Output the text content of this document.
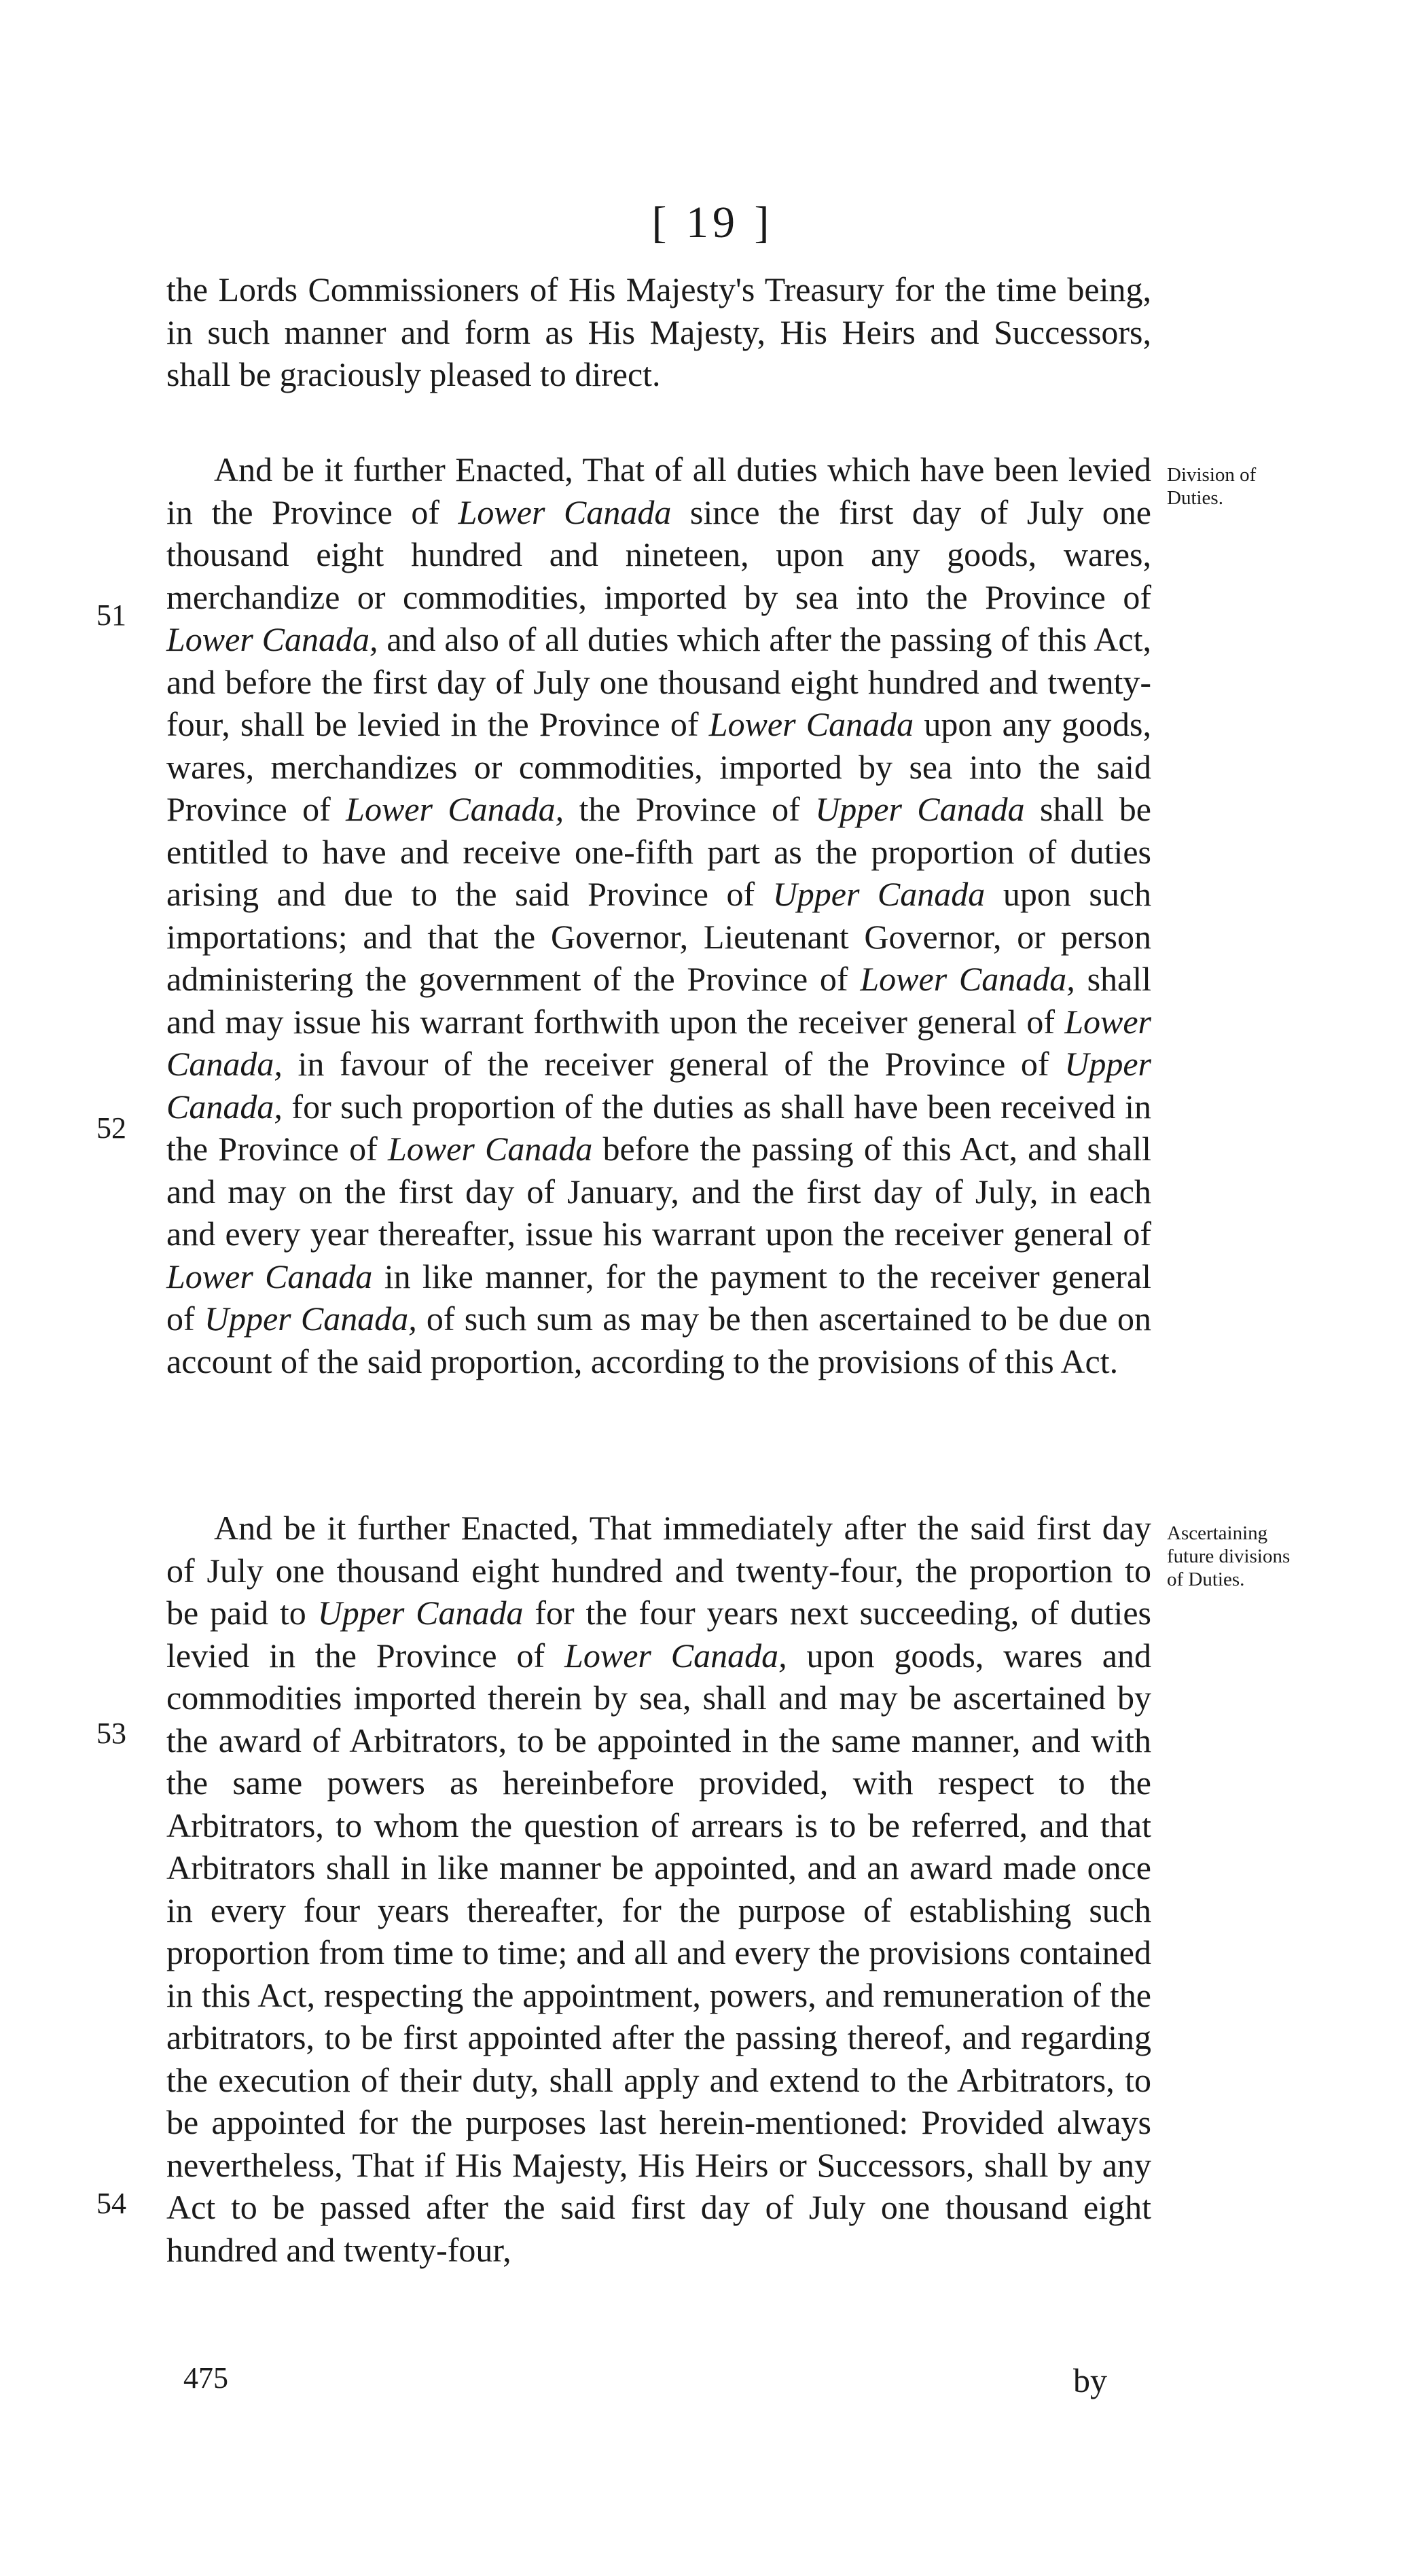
[ 19 ]

the Lords Commissioners of His Majesty's Treasury for the time being, in such manner and form as His Majesty, His Heirs and Successors, shall be graciously pleased to direct.

And be it further Enacted, That of all duties which have been levied in the Province of Lower Canada since the first day of July one thousand eight hundred and nineteen, upon any goods, wares, merchandize or commodities, imported by sea into the Province of Lower Canada, and also of all duties which after the passing of this Act, and before the first day of July one thousand eight hundred and twenty-four, shall be levied in the Province of Lower Canada upon any goods, wares, merchandizes or commodities, imported by sea into the said Province of Lower Canada, the Province of Upper Canada shall be entitled to have and receive one-fifth part as the proportion of duties arising and due to the said Province of Upper Canada upon such importations; and that the Governor, Lieutenant Governor, or person administering the government of the Province of Lower Canada, shall and may issue his warrant forthwith upon the receiver general of Lower Canada, in favour of the receiver general of the Province of Upper Canada, for such proportion of the duties as shall have been received in the Province of Lower Canada before the passing of this Act, and shall and may on the first day of January, and the first day of July, in each and every year thereafter, issue his warrant upon the receiver general of Lower Canada in like manner, for the payment to the receiver general of Upper Canada, of such sum as may be then ascertained to be due on account of the said proportion, according to the provisions of this Act.

And be it further Enacted, That immediately after the said first day of July one thousand eight hundred and twenty-four, the proportion to be paid to Upper Canada for the four years next succeeding, of duties levied in the Province of Lower Canada, upon goods, wares and commodities imported therein by sea, shall and may be ascertained by the award of Arbitrators, to be appointed in the same manner, and with the same powers as hereinbefore provided, with respect to the Arbitrators, to whom the question of arrears is to be referred, and that Arbitrators shall in like manner be appointed, and an award made once in every four years thereafter, for the purpose of establishing such proportion from time to time; and all and every the provisions contained in this Act, respecting the appointment, powers, and remuneration of the arbitrators, to be first appointed after the passing thereof, and regarding the execution of their duty, shall apply and extend to the Arbitrators, to be appointed for the purposes last herein-mentioned: Provided always nevertheless, That if His Majesty, His Heirs or Successors, shall by any Act to be passed after the said first day of July one thousand eight hundred and twenty-four,

Division of Duties.
Ascertaining future divisions of Duties.
51
52
53
54
475	by
